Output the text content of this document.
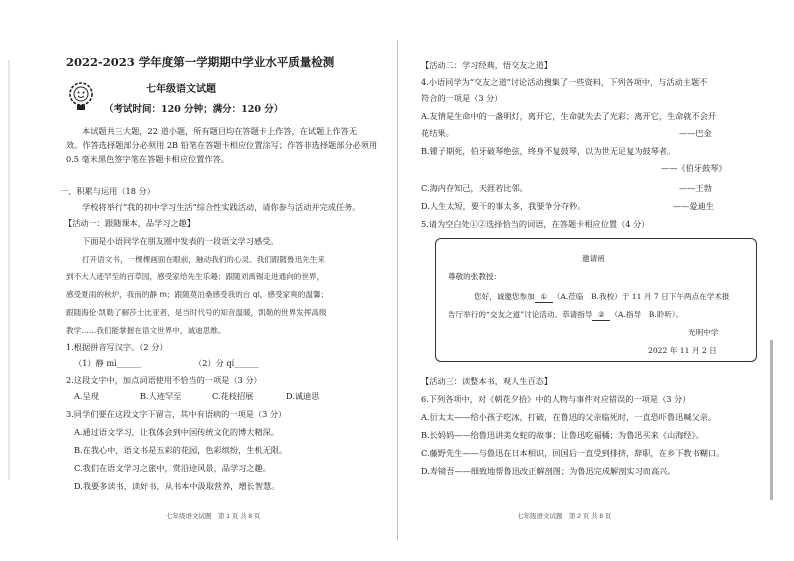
2022-2023 学年度第一学期期中学业水平质量检测
七年级语文试题
（考试时间：120 分钟；满分：120 分）
本试题共三大题，22 道小题，所有题目均在答题卡上作答，在试题上作答无
效。作答选择题部分必须用 2B 铅笔在答题卡相应位置涂写；作答非选择题部分必须用
0.5 毫米黑色签字笔在答题卡相应位置作答。
一、积累与运用（18 分）
学校将举行“我的初中学习生活”综合性实践活动，请你参与活动并完成任务。
【活动一：跟随课本，品学习之趣】
下面是小语同学在朋友圈中发表的一段语文学习感受。
打开语文书，一棵棵画面在眼前，触动我们的心灵。我们跟随鲁迅先生来
到不大人迹罕至的百草园，感受家给先生乐趣；跟随刘禹锡走进通向的世界，
感受夏雨的秋炉，我而的静 m；跟随莫泊桑感受我的台 ql，感受家爽的温馨；
跟随海伦·凯勒了解莎士比亚者，是当时代号的知音温暖，凯勒的世界发挥高级
教学……我们能掌握在语文世界中，诚迪思维。
1.根据拼音写汉字。（2 分）
（1）静 mì______	（2）分 qí______
2.这段文字中，加点词语使用不恰当的一项是（3 分）
A.呈现	B.人迹罕至	C.花枝招展	D.诚迪思
3.同学们要在这段文字下留言，其中有语病的一项是（3 分）
A.通过语文学习，让我体会到中国传统文化的博大精深。
B.在我心中，语文书是五彩的花园，色彩缤纷，生机无限。
C.我们在语文学习之旅中，赏沿途风景，品学习之趣。
D.我要多读书、读好书，从书本中汲取营养，增长智慧。
七年级语文试题　第 1 页 共 8 页
【活动二：学习经典，悟交友之道】
4.小语同学为“交友之道”讨论活动搜集了一些资料，下列各项中，与活动主题不
符合的一项是（3 分）
A.友情是生命中的一盏明灯，离开它，生命就失去了光彩；离开它，生命就不会开
花结果。	——巴金
B.锺子期死，伯牙破琴绝弦，终身不复鼓琴，以为世无足复为鼓琴者。
——《伯牙鼓琴》
C.海内存知己，天涯若比邻。	——王勃
D.人生太短，要干的事太多，我要争分夺秒。	——爱迪生
5.请为空白处①②选择恰当的词语，在答题卡相应位置（4 分）
邀请函
尊敬的张教授：
您好，诚邀您参加 ① （A.莅临　B.我校）于 11 月 7 日下午两点在学术报
告厅举行的“交友之道”讨论活动。恭请指导 ② （A.指导　B.聆听）。
光明中学
2022 年 11 月 2 日
【活动三：读整本书，观人生百态】
6.下列各项中，对《朝花夕拾》中的人物与事件对应错误的一项是（3 分）
A.衍太太——给小孩子吃冰，打破，在鲁迅的父亲临死时，一直恐吓鲁迅喊父亲。
B.长妈妈——给鲁迅讲美女蛇的故事；让鲁迅吃福橘；为鲁迅买来《山海经》。
C.藤野先生——与鲁迅在日本相识，回国后一直受到排挤，辞职，在乡下教书糊口。
D.寿镜吾——细致地帮鲁迅改正解剖图；为鲁迅完成解剖实习而高兴。
七年级语文试题　第 2 页 共 8 页
